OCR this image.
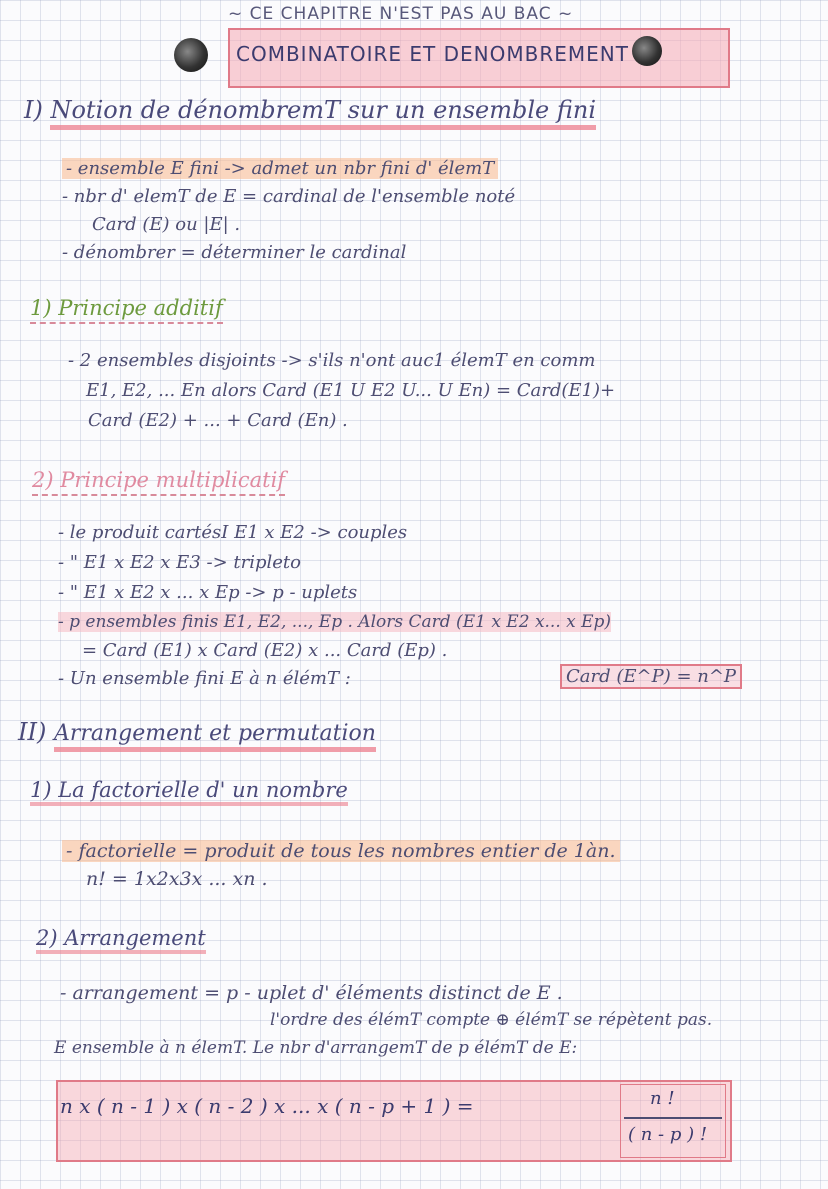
~ CE CHAPITRE N'EST PAS AU BAC ~
COMBINATOIRE ET DENOMBREMENT
I) Notion de dénombremT sur un ensemble fini
- ensemble E fini -> admet un nbr fini d' élemT
- nbr d' elemT de E = cardinal de l'ensemble noté
Card (E) ou |E| .
- dénombrer = déterminer le cardinal
1) Principe additif
- 2 ensembles disjoints -> s'ils n'ont auc1 élemT en comm
E1, E2, ... En alors Card (E1 U E2 U... U En) = Card(E1)+
Card (E2) + ... + Card (En) .
2) Principe multiplicatif
- le produit cartésI E1 x E2 -> couples
- " E1 x E2 x E3 -> tripleto
- " E1 x E2 x ... x Ep -> p - uplets
- p ensembles finis E1, E2, ..., Ep . Alors Card (E1 x E2 x... x Ep)
= Card (E1) x Card (E2) x ... Card (Ep) .
- Un ensemble fini E à n élémT :	Card (E^P) = n^P
II) Arrangement et permutation
1) La factorielle d' un nombre
- factorielle = produit de tous les nombres entier de 1àn.
n! = 1x2x3x ... xn .
2) Arrangement
- arrangement = p - uplet d' éléments distinct de E .
l'ordre des élémT compte ⊕ élémT se répètent pas.
E ensemble à n élemT. Le nbr d'arrangemT de p élémT de E:
n x ( n - 1 ) x ( n - 2 ) x ... x ( n - p + 1 ) =	n !
( n - p ) !
